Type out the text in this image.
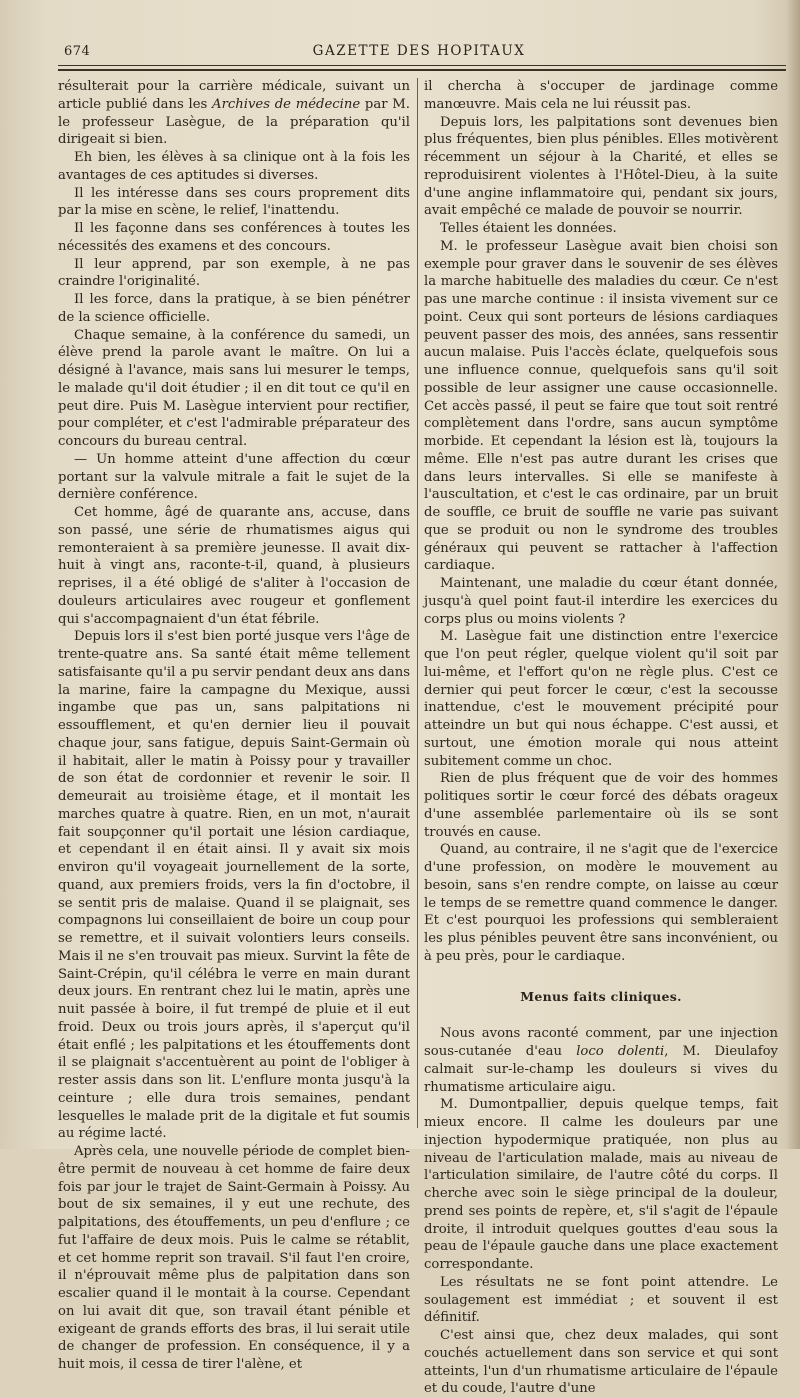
674	GAZETTE DES HOPITAUX

résulterait pour la carrière médicale, suivant un article publié dans les Archives de médecine par M. le professeur Lasègue, de la préparation qu'il dirigeait si bien.

Eh bien, les élèves à sa clinique ont à la fois les avantages de ces aptitudes si diverses.

Il les intéresse dans ses cours proprement dits par la mise en scène, le relief, l'inattendu.

Il les façonne dans ses conférences à toutes les nécessités des examens et des concours.

Il leur apprend, par son exemple, à ne pas craindre l'originalité.

Il les force, dans la pratique, à se bien pénétrer de la science officielle.

Chaque semaine, à la conférence du samedi, un élève prend la parole avant le maître. On lui a désigné à l'avance, mais sans lui mesurer le temps, le malade qu'il doit étudier ; il en dit tout ce qu'il en peut dire. Puis M. Lasègue intervient pour rectifier, pour compléter, et c'est l'admirable préparateur des concours du bureau central.

— Un homme atteint d'une affection du cœur portant sur la valvule mitrale a fait le sujet de la dernière conférence.

Cet homme, âgé de quarante ans, accuse, dans son passé, une série de rhumatismes aigus qui remonteraient à sa première jeunesse. Il avait dix-huit à vingt ans, raconte-t-il, quand, à plusieurs reprises, il a été obligé de s'aliter à l'occasion de douleurs articulaires avec rougeur et gonflement qui s'accompagnaient d'un état fébrile.

Depuis lors il s'est bien porté jusque vers l'âge de trente-quatre ans. Sa santé était même tellement satisfaisante qu'il a pu servir pendant deux ans dans la marine, faire la campagne du Mexique, aussi ingambe que pas un, sans palpitations ni essoufflement, et qu'en dernier lieu il pouvait chaque jour, sans fatigue, depuis Saint-Germain où il habitait, aller le matin à Poissy pour y travailler de son état de cordonnier et revenir le soir. Il demeurait au troisième étage, et il montait les marches quatre à quatre. Rien, en un mot, n'aurait fait soupçonner qu'il portait une lésion cardiaque, et cependant il en était ainsi. Il y avait six mois environ qu'il voyageait journellement de la sorte, quand, aux premiers froids, vers la fin d'octobre, il se sentit pris de malaise. Quand il se plaignait, ses compagnons lui conseillaient de boire un coup pour se remettre, et il suivait volontiers leurs conseils. Mais il ne s'en trouvait pas mieux. Survint la fête de Saint-Crépin, qu'il célébra le verre en main durant deux jours. En rentrant chez lui le matin, après une nuit passée à boire, il fut trempé de pluie et il eut froid. Deux ou trois jours après, il s'aperçut qu'il était enflé ; les palpitations et les étouffements dont il se plaignait s'accentuèrent au point de l'obliger à rester assis dans son lit. L'enflure monta jusqu'à la ceinture ; elle dura trois semaines, pendant lesquelles le malade prit de la digitale et fut soumis au régime lacté.

Après cela, une nouvelle période de complet bien-être permit de nouveau à cet homme de faire deux fois par jour le trajet de Saint-Germain à Poissy. Au bout de six semaines, il y eut une rechute, des palpitations, des étouffements, un peu d'enflure ; ce fut l'affaire de deux mois. Puis le calme se rétablit, et cet homme reprit son travail. S'il faut l'en croire, il n'éprouvait même plus de palpitation dans son escalier quand il le montait à la course. Cependant on lui avait dit que, son travail étant pénible et exigeant de grands efforts des bras, il lui serait utile de changer de profession. En conséquence, il y a huit mois, il cessa de tirer l'alène, et

il chercha à s'occuper de jardinage comme manœuvre. Mais cela ne lui réussit pas.

Depuis lors, les palpitations sont devenues bien plus fréquentes, bien plus pénibles. Elles motivèrent récemment un séjour à la Charité, et elles se reproduisirent violentes à l'Hôtel-Dieu, à la suite d'une angine inflammatoire qui, pendant six jours, avait empêché ce malade de pouvoir se nourrir.

Telles étaient les données.

M. le professeur Lasègue avait bien choisi son exemple pour graver dans le souvenir de ses élèves la marche habituelle des maladies du cœur. Ce n'est pas une marche continue : il insista vivement sur ce point. Ceux qui sont porteurs de lésions cardiaques peuvent passer des mois, des années, sans ressentir aucun malaise. Puis l'accès éclate, quelquefois sous une influence connue, quelquefois sans qu'il soit possible de leur assigner une cause occasionnelle. Cet accès passé, il peut se faire que tout soit rentré complètement dans l'ordre, sans aucun symptôme morbide. Et cependant la lésion est là, toujours la même. Elle n'est pas autre durant les crises que dans leurs intervalles. Si elle se manifeste à l'auscultation, et c'est le cas ordinaire, par un bruit de souffle, ce bruit de souffle ne varie pas suivant que se produit ou non le syndrome des troubles généraux qui peuvent se rattacher à l'affection cardiaque.

Maintenant, une maladie du cœur étant donnée, jusqu'à quel point faut-il interdire les exercices du corps plus ou moins violents ?

M. Lasègue fait une distinction entre l'exercice que l'on peut régler, quelque violent qu'il soit par lui-même, et l'effort qu'on ne règle plus. C'est ce dernier qui peut forcer le cœur, c'est la secousse inattendue, c'est le mouvement précipité pour atteindre un but qui nous échappe. C'est aussi, et surtout, une émotion morale qui nous atteint subitement comme un choc.

Rien de plus fréquent que de voir des hommes politiques sortir le cœur forcé des débats orageux d'une assemblée parlementaire où ils se sont trouvés en cause.

Quand, au contraire, il ne s'agit que de l'exercice d'une profession, on modère le mouvement au besoin, sans s'en rendre compte, on laisse au cœur le temps de se remettre quand commence le danger. Et c'est pourquoi les professions qui sembleraient les plus pénibles peuvent être sans inconvénient, ou à peu près, pour le cardiaque.

Menus faits cliniques.

Nous avons raconté comment, par une injection sous-cutanée d'eau loco dolenti, M. Dieulafoy calmait sur-le-champ les douleurs si vives du rhumatisme articulaire aigu.

M. Dumontpallier, depuis quelque temps, fait mieux encore. Il calme les douleurs par une injection hypodermique pratiquée, non plus au niveau de l'articulation malade, mais au niveau de l'articulation similaire, de l'autre côté du corps. Il cherche avec soin le siège principal de la douleur, prend ses points de repère, et, s'il s'agit de l'épaule droite, il introduit quelques gouttes d'eau sous la peau de l'épaule gauche dans une place exactement correspondante.

Les résultats ne se font point attendre. Le soulagement est immédiat ; et souvent il est définitif.

C'est ainsi que, chez deux malades, qui sont couchés actuellement dans son service et qui sont atteints, l'un d'un rhumatisme articulaire de l'épaule et du coude, l'autre d'une
